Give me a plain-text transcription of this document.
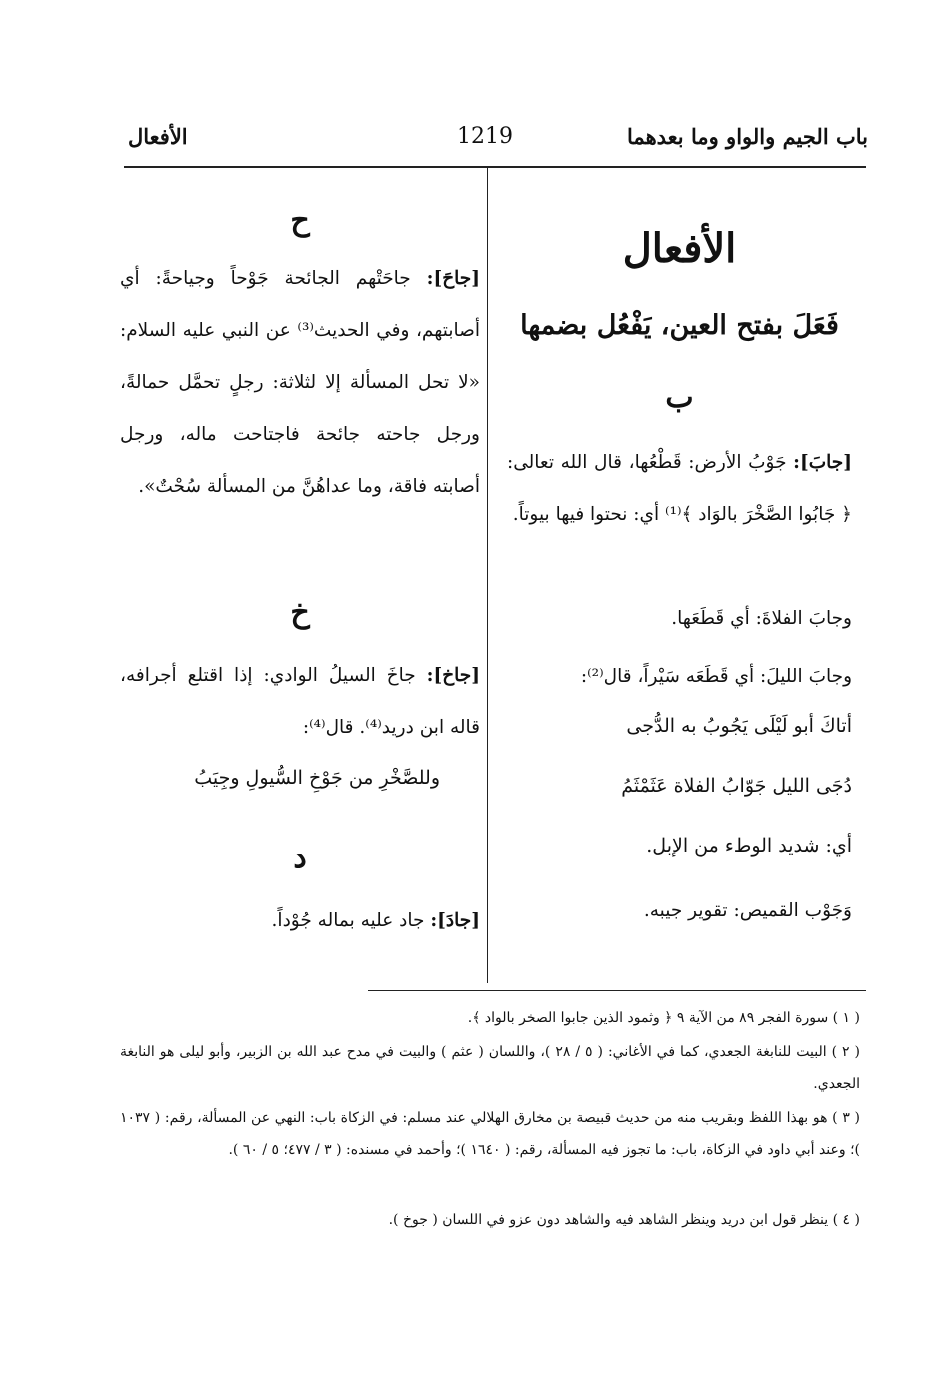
باب الجيم والواو وما بعدهما
1219
الأفعال
الأفعال
فَعَلَ بفتح العين، يَفْعُل بضمها
ب
[جابَ]: جَوْبُ الأرض: قَطْعُها، قال الله تعالى: ﴿ جَابُوا الصَّخْرَ بالوَاد ﴾⁽¹⁾ أي: نحتوا فيها بيوتاً.
وجابَ الفلاةَ: أي قَطَعَها.
وجابَ الليلَ: أي قَطَعَه سَيْراً، قال⁽²⁾:
أتاكَ أبو لَيْلَى يَجُوبُ به الدُّجى
دُجَى الليل جَوّابُ الفلاة عَثَمْثَمُ
أي: شديد الوطء من الإبل.
وَجَوْب القميص: تقوير جيبه.
ح
[جاحَ]: جاحَتْهم الجائحة جَوْحاً وجياحةً: أي أصابتهم، وفي الحديث⁽³⁾ عن النبي عليه السلام: «لا تحل المسألة إلا لثلاثة: رجلٍ تحمَّل حمالةً، ورجل جاحته جائحة فاجتاحت ماله، ورجل أصابته فاقة، وما عداهُنَّ من المسألة سُحْتٌ».
خ
[جاخ]: جاخَ السيلُ الوادي: إذا اقتلع أجرافه، قاله ابن دريد⁽⁴⁾. قال⁽⁴⁾:
وللصَّخْرِ من جَوْخِ السُّيولِ وجِيَبُ
د
[جادَ]: جاد عليه بماله جُوْداً.
( ١ ) سورة الفجر ٨٩ من الآية ٩ ﴿ وثمود الذين جابوا الصخر بالواد ﴾.
( ٢ ) البيت للنابغة الجعدي، كما في الأغاني: ( ٥ / ٢٨ )، واللسان ( عثم ) والبيت في مدح عبد الله بن الزبير، وأبو ليلى هو النابغة الجعدي.
( ٣ ) هو بهذا اللفظ وبقريب منه من حديث قبيصة بن مخارق الهلالي عند مسلم: في الزكاة باب: النهي عن المسألة، رقم: ( ١٠٣٧ )؛ وعند أبي داود في الزكاة، باب: ما تجوز فيه المسألة، رقم: ( ١٦٤٠ )؛ وأحمد في مسنده: ( ٣ / ٤٧٧؛ ٥ / ٦٠ ).
( ٤ ) ينظر قول ابن دريد وينظر الشاهد فيه والشاهد دون عزو في اللسان ( جوخ ).
